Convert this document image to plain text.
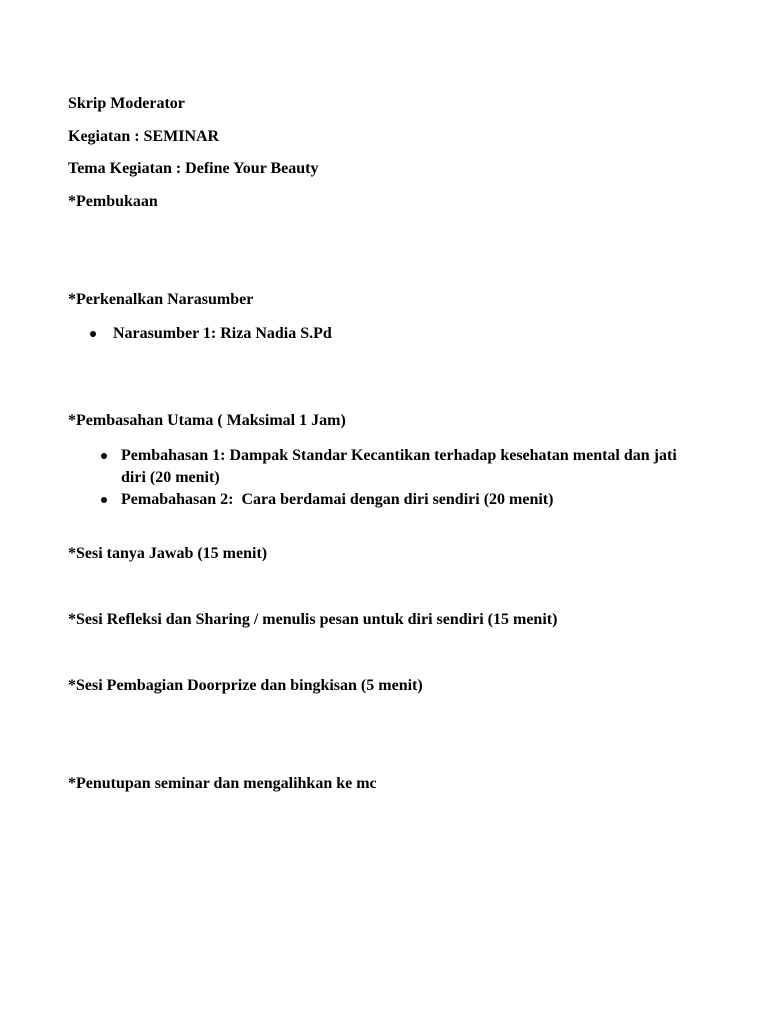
Skrip Moderator
Kegiatan : SEMINAR
Tema Kegiatan : Define Your Beauty
*Pembukaan
*Perkenalkan Narasumber
Narasumber 1: Riza Nadia S.Pd
*Pembasahan Utama ( Maksimal 1 Jam)
Pembahasan 1: Dampak Standar Kecantikan terhadap kesehatan mental dan jati diri (20 menit)
Pemabahasan 2:  Cara berdamai dengan diri sendiri (20 menit)
*Sesi tanya Jawab (15 menit)
*Sesi Refleksi dan Sharing / menulis pesan untuk diri sendiri (15 menit)
*Sesi Pembagian Doorprize dan bingkisan (5 menit)
*Penutupan seminar dan mengalihkan ke mc
